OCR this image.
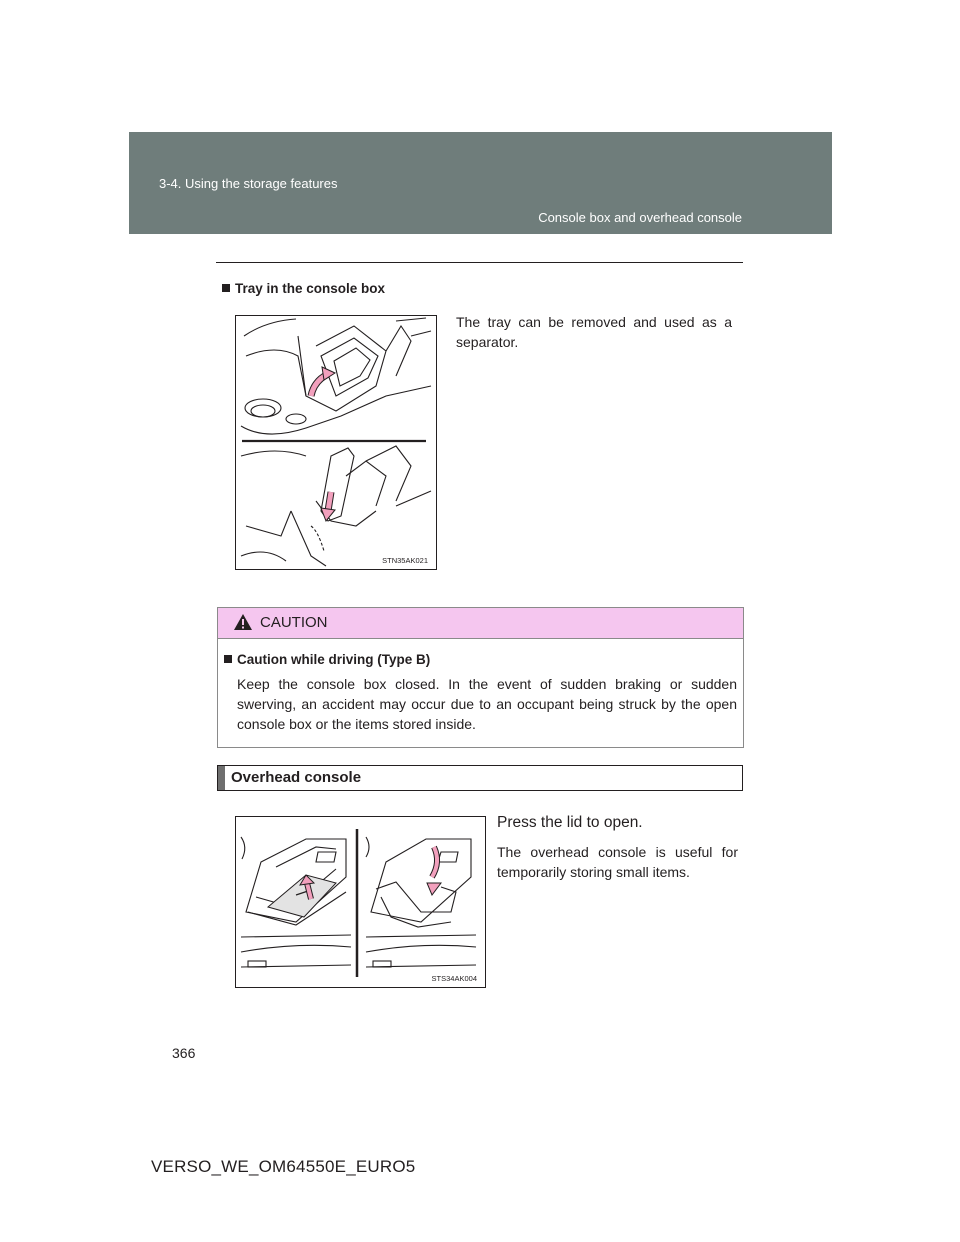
3-4. Using the storage features
Console box and overhead console
Tray in the console box
STN35AK021
The tray can be removed and used as a separator.
CAUTION
Caution while driving (Type B)
Keep the console box closed. In the event of sudden braking or sudden swerving, an accident may occur due to an occupant being struck by the open console box or the items stored inside.
Overhead console
STS34AK004
Press the lid to open.
The overhead console is useful for temporarily storing small items.
366
VERSO_WE_OM64550E_EURO5
